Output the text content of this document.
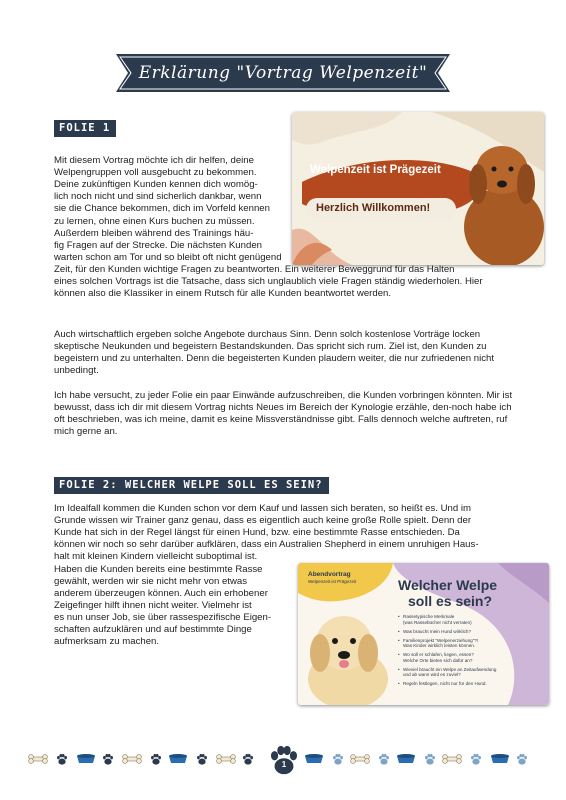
Erklärung "Vortrag Welpenzeit"
FOLIE 1
Welpenzeit ist Prägezeit
Herzlich Willkommen!
Mit diesem Vortrag möchte ich dir helfen, deine
Welpengruppen voll ausgebucht zu bekommen.
Deine zukünftigen Kunden kennen dich womög-
lich noch nicht und sind sicherlich dankbar, wenn
sie die Chance bekommen, dich im Vorfeld kennen
zu lernen, ohne einen Kurs buchen zu müssen.
Außerdem bleiben während des Trainings häu-
fig Fragen auf der Strecke. Die nächsten Kunden
warten schon am Tor und so bleibt oft nicht genügend
Zeit, für den Kunden wichtige Fragen zu beantworten. Ein weiterer Beweggrund für das Halten
eines solchen Vortrags ist die Tatsache, dass sich unglaublich viele Fragen ständig wiederholen. Hier
können also die Klassiker in einem Rutsch für alle Kunden beantwortet werden.

Auch wirtschaftlich ergeben solche Angebote durchaus Sinn. Denn solch kostenlose Vorträge locken skeptische Neukunden und begeistern Bestandskunden. Das spricht sich rum. Ziel ist, den Kunden zu begeistern und zu unterhalten. Denn die begeisterten Kunden plaudern weiter, die nur zufriedenen nicht unbedingt.

Ich habe versucht, zu jeder Folie ein paar Einwände aufzuschreiben, die Kunden vorbringen könnten. Mir ist bewusst, dass ich dir mit diesem Vortrag nichts Neues im Bereich der Kynologie erzähle, den-noch habe ich oft beschrieben, was ich meine, damit es keine Missverständnisse gibt. Falls dennoch welche auftreten, ruf mich gerne an.

FOLIE 2: WELCHER WELPE SOLL ES SEIN?
Im Idealfall kommen die Kunden schon vor dem Kauf und lassen sich beraten, so heißt es. Und im
Grunde wissen wir Trainer ganz genau, dass es eigentlich auch keine große Rolle spielt. Denn der
Kunde hat sich in der Regel längst für einen Hund, bzw. eine bestimmte Rasse entschieden. Da
können wir noch so sehr darüber aufklären, dass ein Australien Shepherd in einem unruhigen Haus-
halt mit kleinen Kindern vielleicht suboptimal ist.
Haben die Kunden bereits eine bestimmte Rasse
gewählt, werden wir sie nicht mehr von etwas
anderem überzeugen können. Auch ein erhobener
Zeigefinger hilft ihnen nicht weiter. Vielmehr ist
es nun unser Job, sie über rassespezifische Eigen-
schaften aufzuklären und auf bestimmte Dinge
aufmerksam zu machen.
Abendvortrag
Welpenzeit ist Prägezeit	Welcher Welpe
soll es sein?
• Rassetypische Merkmale
(was Rassebücher nicht verraten)
• Was braucht mein Hund wirklich?
• Familienprojekt "Welpenerziehung"?!
Was Kinder wirklich leisten können.
• Wo soll er schlafen, liegen, essen?
Welche Orte bieten sich dafür an?
• Wieviel braucht ein Welpe an Zeitaufwendung
und ab wann wird es zuviel?
• Regeln festlegen, nicht nur für den Hund.
1
